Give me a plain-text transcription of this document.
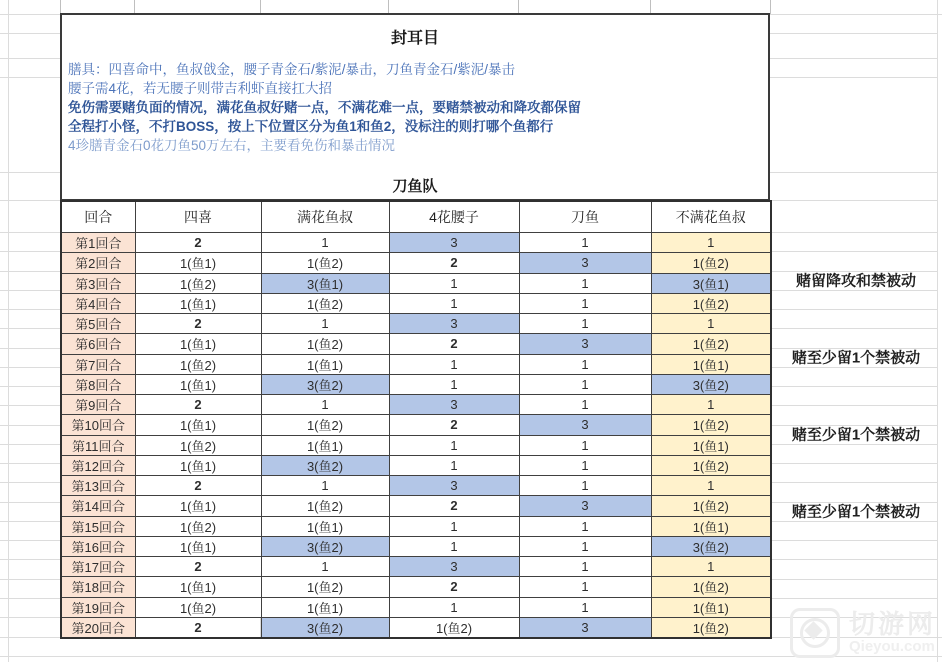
封耳目
膳具：四喜命中，鱼叔戗金，腰子青金石/紫泥/暴击，刀鱼青金石/紫泥/暴击
腰子需4花，若无腰子则带吉利虾直接扛大招
免伤需要赌负面的情况，满花鱼叔好赌一点，不满花难一点，要赌禁被动和降攻都保留
全程打小怪，不打BOSS，按上下位置区分为鱼1和鱼2，没标注的则打哪个鱼都行
4珍膳青金石0花刀鱼50万左右，主要看免伤和暴击情况
刀鱼队
回合	四喜	满花鱼叔	4花腰子	刀鱼	不满花鱼叔
第1回合	2	1	3	1	1
第2回合	1(鱼1)	1(鱼2)	2	3	1(鱼2)
第3回合	1(鱼2)	3(鱼1)	1	1	3(鱼1)
第4回合	1(鱼1)	1(鱼2)	1	1	1(鱼2)
第5回合	2	1	3	1	1
第6回合	1(鱼1)	1(鱼2)	2	3	1(鱼2)
第7回合	1(鱼2)	1(鱼1)	1	1	1(鱼1)
第8回合	1(鱼1)	3(鱼2)	1	1	3(鱼2)
第9回合	2	1	3	1	1
第10回合	1(鱼1)	1(鱼2)	2	3	1(鱼2)
第11回合	1(鱼2)	1(鱼1)	1	1	1(鱼1)
第12回合	1(鱼1)	3(鱼2)	1	1	1(鱼2)
第13回合	2	1	3	1	1
第14回合	1(鱼1)	1(鱼2)	2	3	1(鱼2)
第15回合	1(鱼2)	1(鱼1)	1	1	1(鱼1)
第16回合	1(鱼1)	3(鱼2)	1	1	3(鱼2)
第17回合	2	1	3	1	1
第18回合	1(鱼1)	1(鱼2)	2	1	1(鱼2)
第19回合	1(鱼2)	1(鱼1)	1	1	1(鱼1)
第20回合	2	3(鱼2)	1(鱼2)	3	1(鱼2)
赌留降攻和禁被动
赌至少留1个禁被动
赌至少留1个禁被动
赌至少留1个禁被动
切游网
Qieyou.com
